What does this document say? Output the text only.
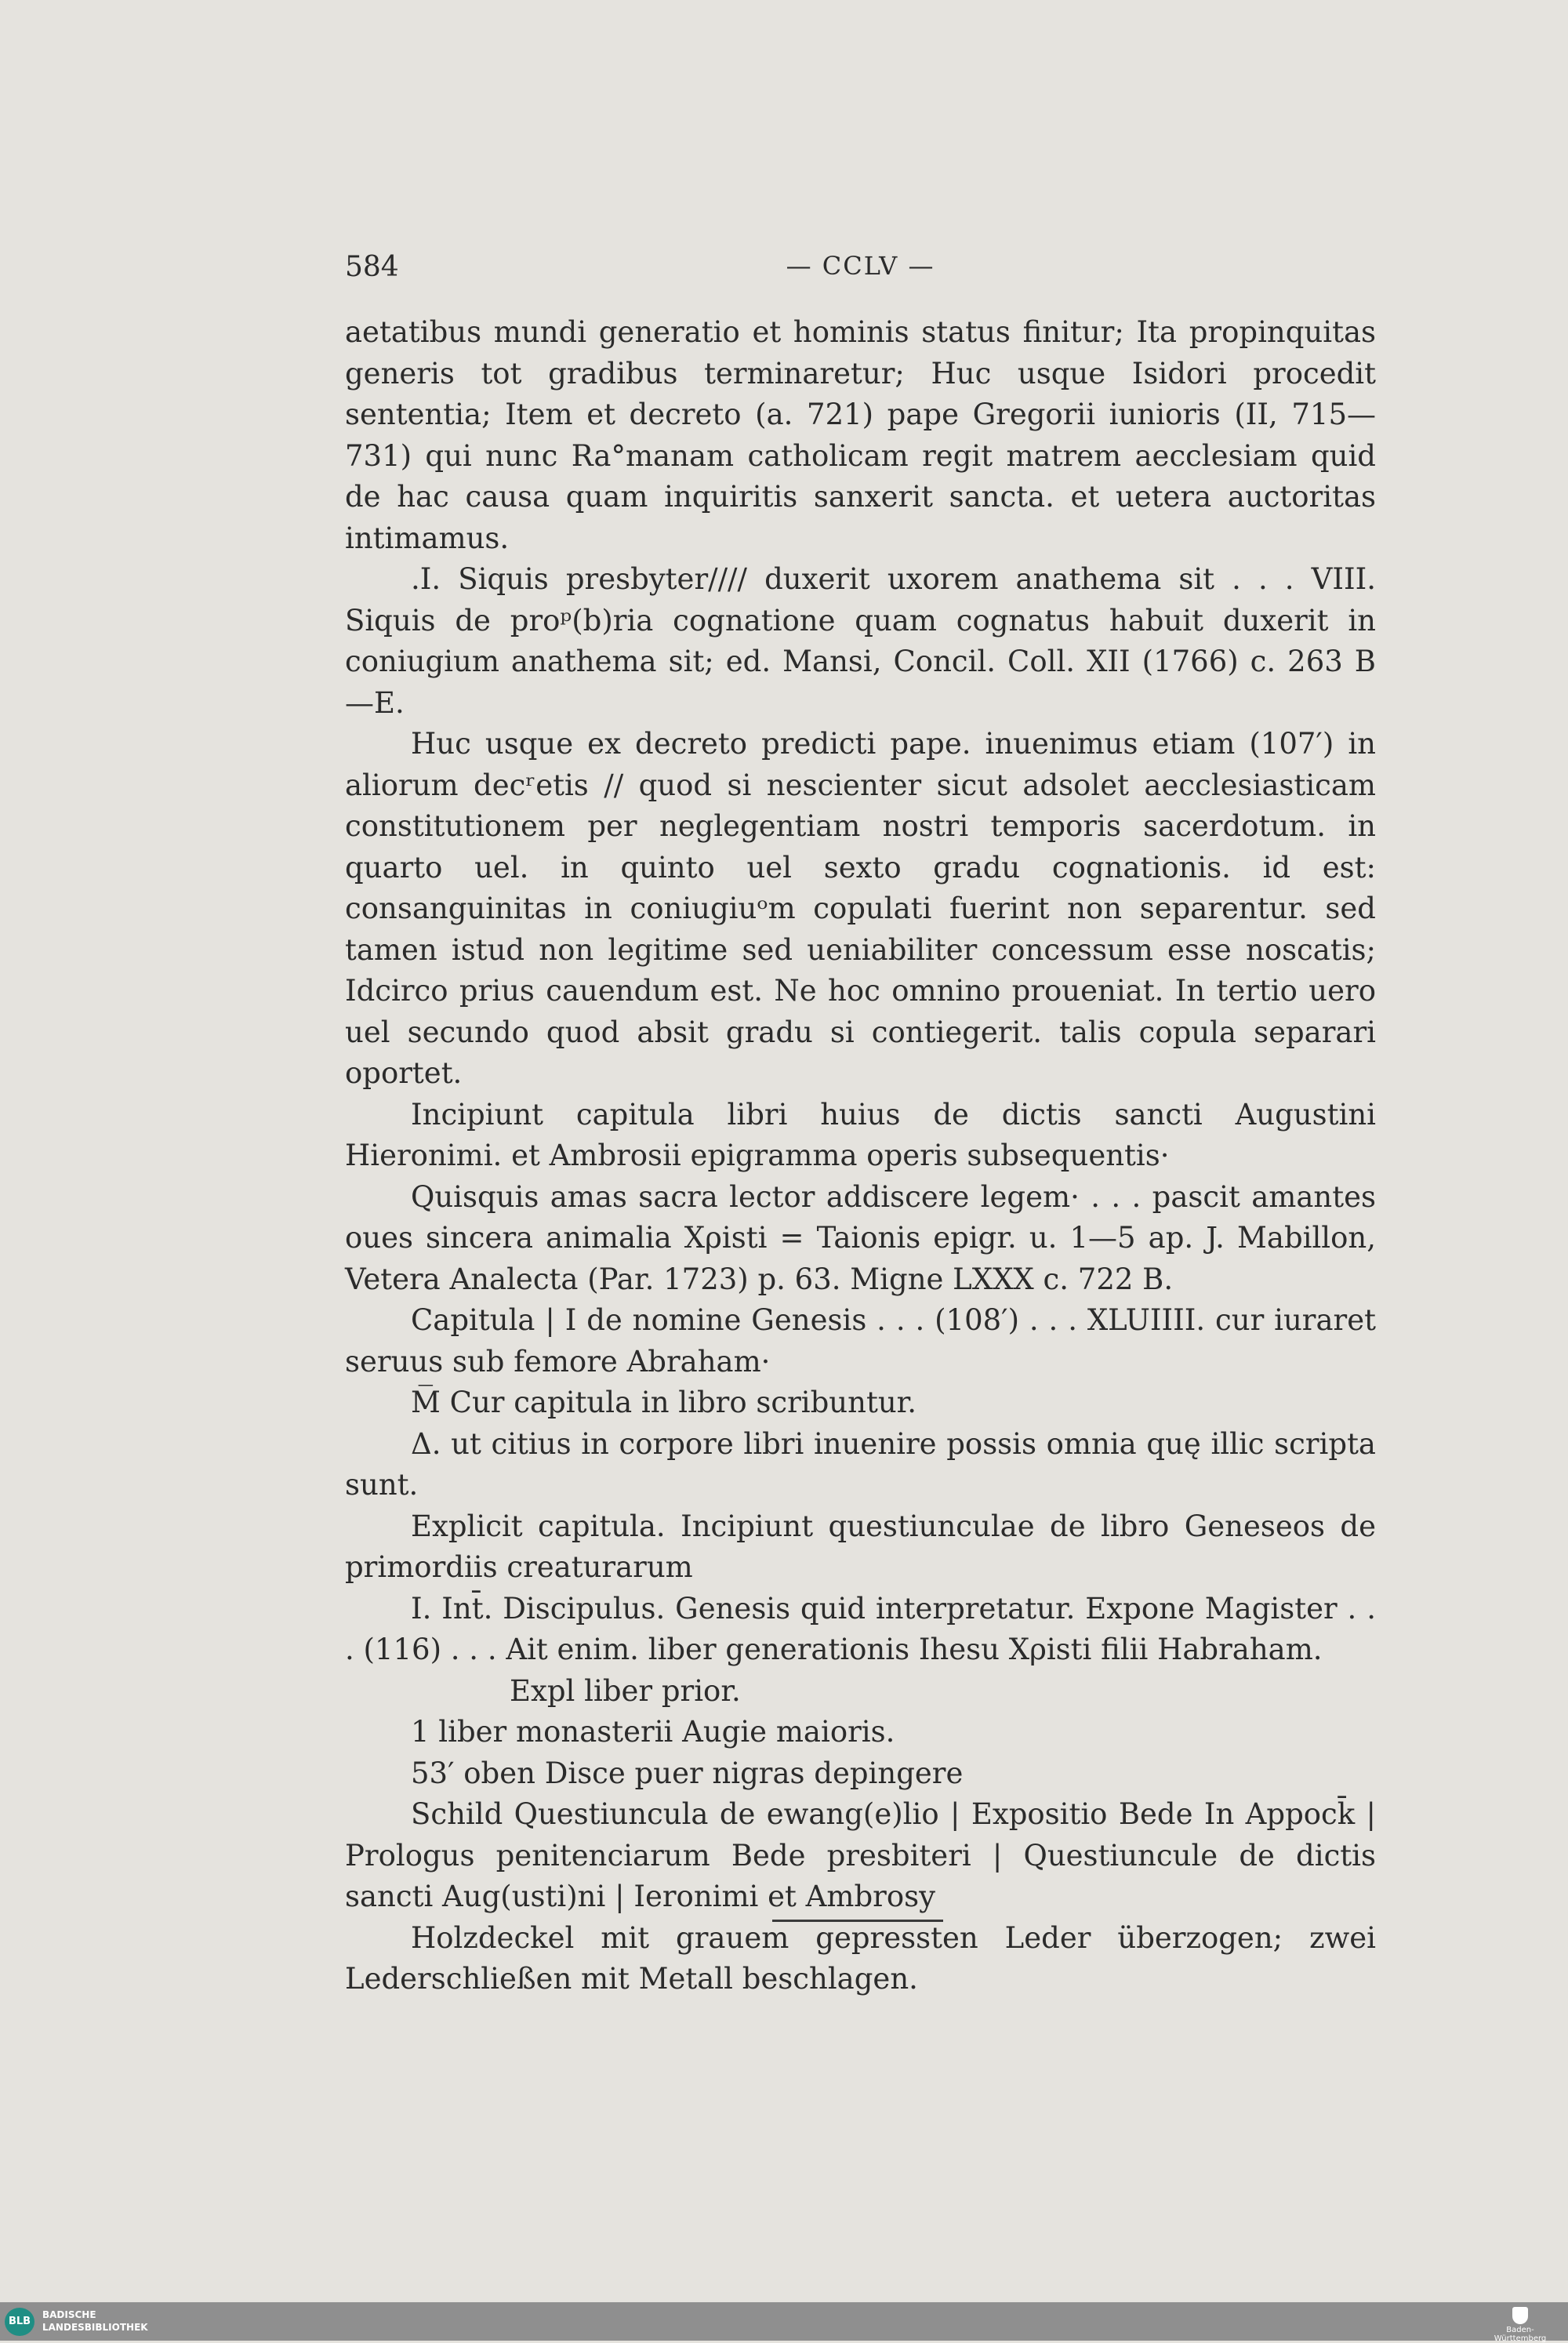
584	— CCLV —

aetatibus mundi generatio et hominis status finitur; Ita propinquitas generis tot gradibus terminaretur; Huc usque Isidori procedit sententia; Item et decreto (a. 721) pape Gregorii iunioris (II, 715—731) qui nunc Ra°manam catholicam regit matrem aecclesiam quid de hac causa quam inquiritis sanxerit sancta. et uetera auctoritas intimamus.

.I. Siquis presbyter//// duxerit uxorem anathema sit . . . VIII. Siquis de proᵖ(b)ria cognatione quam cognatus habuit duxerit in coniugium anathema sit; ed. Mansi, Concil. Coll. XII (1766) c. 263 B—E.

Huc usque ex decreto predicti pape. inuenimus etiam (107′) in aliorum decʳetis // quod si nescienter sicut adsolet aecclesiasticam constitutionem per neglegentiam nostri temporis sacerdotum. in quarto uel. in quinto uel sexto gradu cognationis. id est: consanguinitas in coniugiuᵒm copulati fuerint non separentur. sed tamen istud non legitime sed ueniabiliter concessum esse noscatis; Idcirco prius cauendum est. Ne hoc omnino proueniat. In tertio uero uel secundo quod absit gradu si contiegerit. talis copula separari oportet.

Incipiunt capitula libri huius de dictis sancti Augustini Hieronimi. et Ambrosii epigramma operis subsequentis·

Quisquis amas sacra lector addiscere legem· . . . pascit amantes oues sincera animalia Χρisti = Taionis epigr. u. 1—5 ap. J. Mabillon, Vetera Analecta (Par. 1723) p. 63. Migne LXXX c. 722 B.

Capitula | I de nomine Genesis . . . (108′) . . . XLUIIII. cur iuraret seruus sub femore Abraham·

M̅ Cur capitula in libro scribuntur.

Δ. ut citius in corpore libri inuenire possis omnia quę illic scripta sunt.

Explicit capitula. Incipiunt questiunculae de libro Geneseos de primordiis creaturarum

I. Int̄. Discipulus. Genesis quid interpretatur. Expone Magister . . . (116) . . . Ait enim. liber generationis Ihesu Χρisti filii Habraham.

Expl liber prior.

1 liber monasterii Augie maioris.

53′ oben Disce puer nigras depingere

Schild Questiuncula de ewang(e)lio | Expositio Bede In Appock̄ | Prologus penitenciarum Bede presbiteri | Questiuncule de dictis sancti Aug(usti)ni | Ieronimi et Ambrosy

Holzdeckel mit grauem gepressten Leder überzogen; zwei Lederschließen mit Metall beschlagen.

BLB
BADISCHE
LANDESBIBLIOTHEK	Baden-Württemberg
